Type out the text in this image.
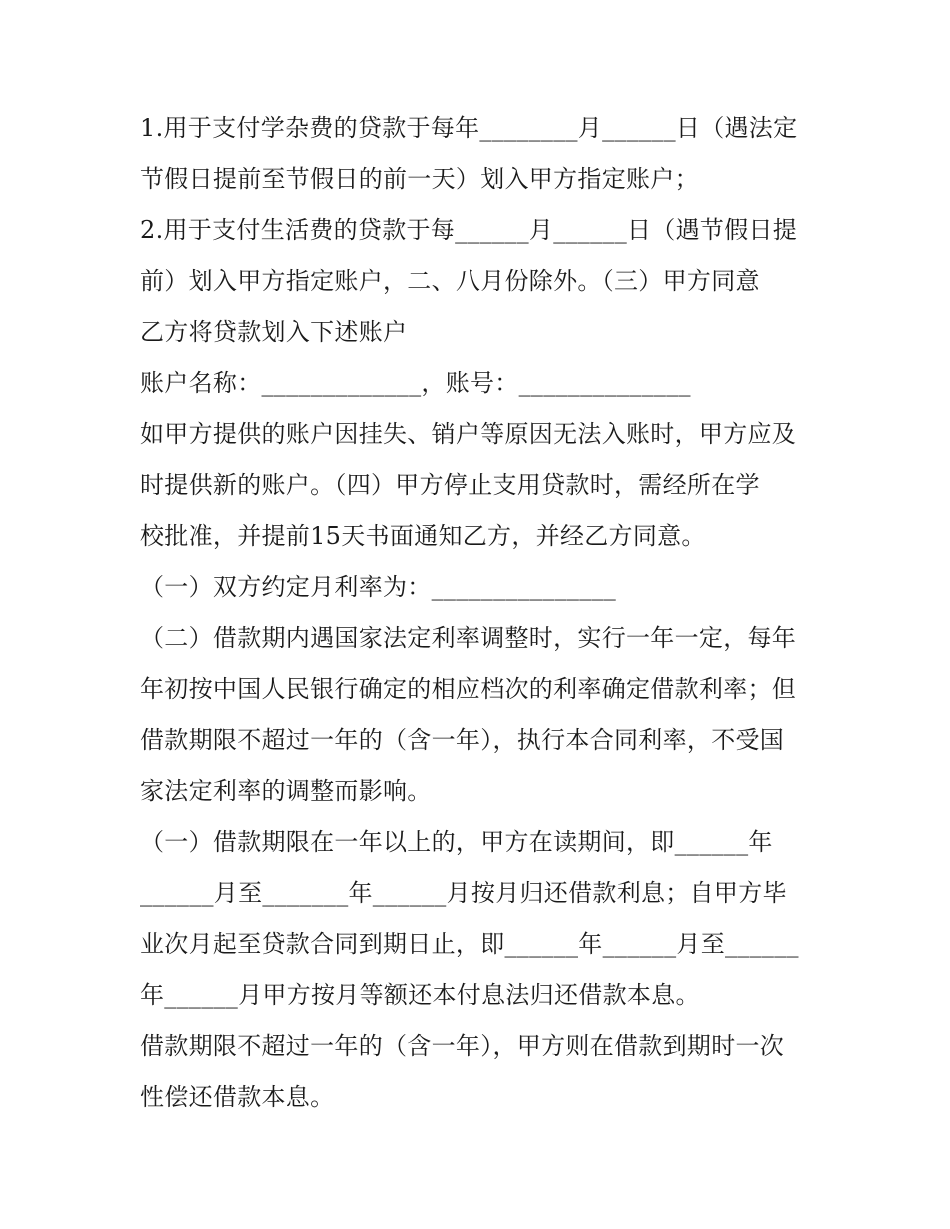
1.用于支付学杂费的贷款于每年________月______日（遇法定
节假日提前至节假日的前一天）划入甲方指定账户；
2.用于支付生活费的贷款于每______月______日（遇节假日提
前）划入甲方指定账户，二、八月份除外。（三）甲方同意
乙方将贷款划入下述账户
账户名称：_____________，账号：______________
如甲方提供的账户因挂失、销户等原因无法入账时，甲方应及
时提供新的账户。（四）甲方停止支用贷款时，需经所在学
校批准，并提前15天书面通知乙方，并经乙方同意。
（一）双方约定月利率为：_______________
（二）借款期内遇国家法定利率调整时，实行一年一定，每年
年初按中国人民银行确定的相应档次的利率确定借款利率；但
借款期限不超过一年的（含一年），执行本合同利率，不受国
家法定利率的调整而影响。
（一）借款期限在一年以上的，甲方在读期间，即______年
______月至_______年______月按月归还借款利息；自甲方毕
业次月起至贷款合同到期日止，即______年______月至______
年______月甲方按月等额还本付息法归还借款本息。
借款期限不超过一年的（含一年），甲方则在借款到期时一次
性偿还借款本息。
